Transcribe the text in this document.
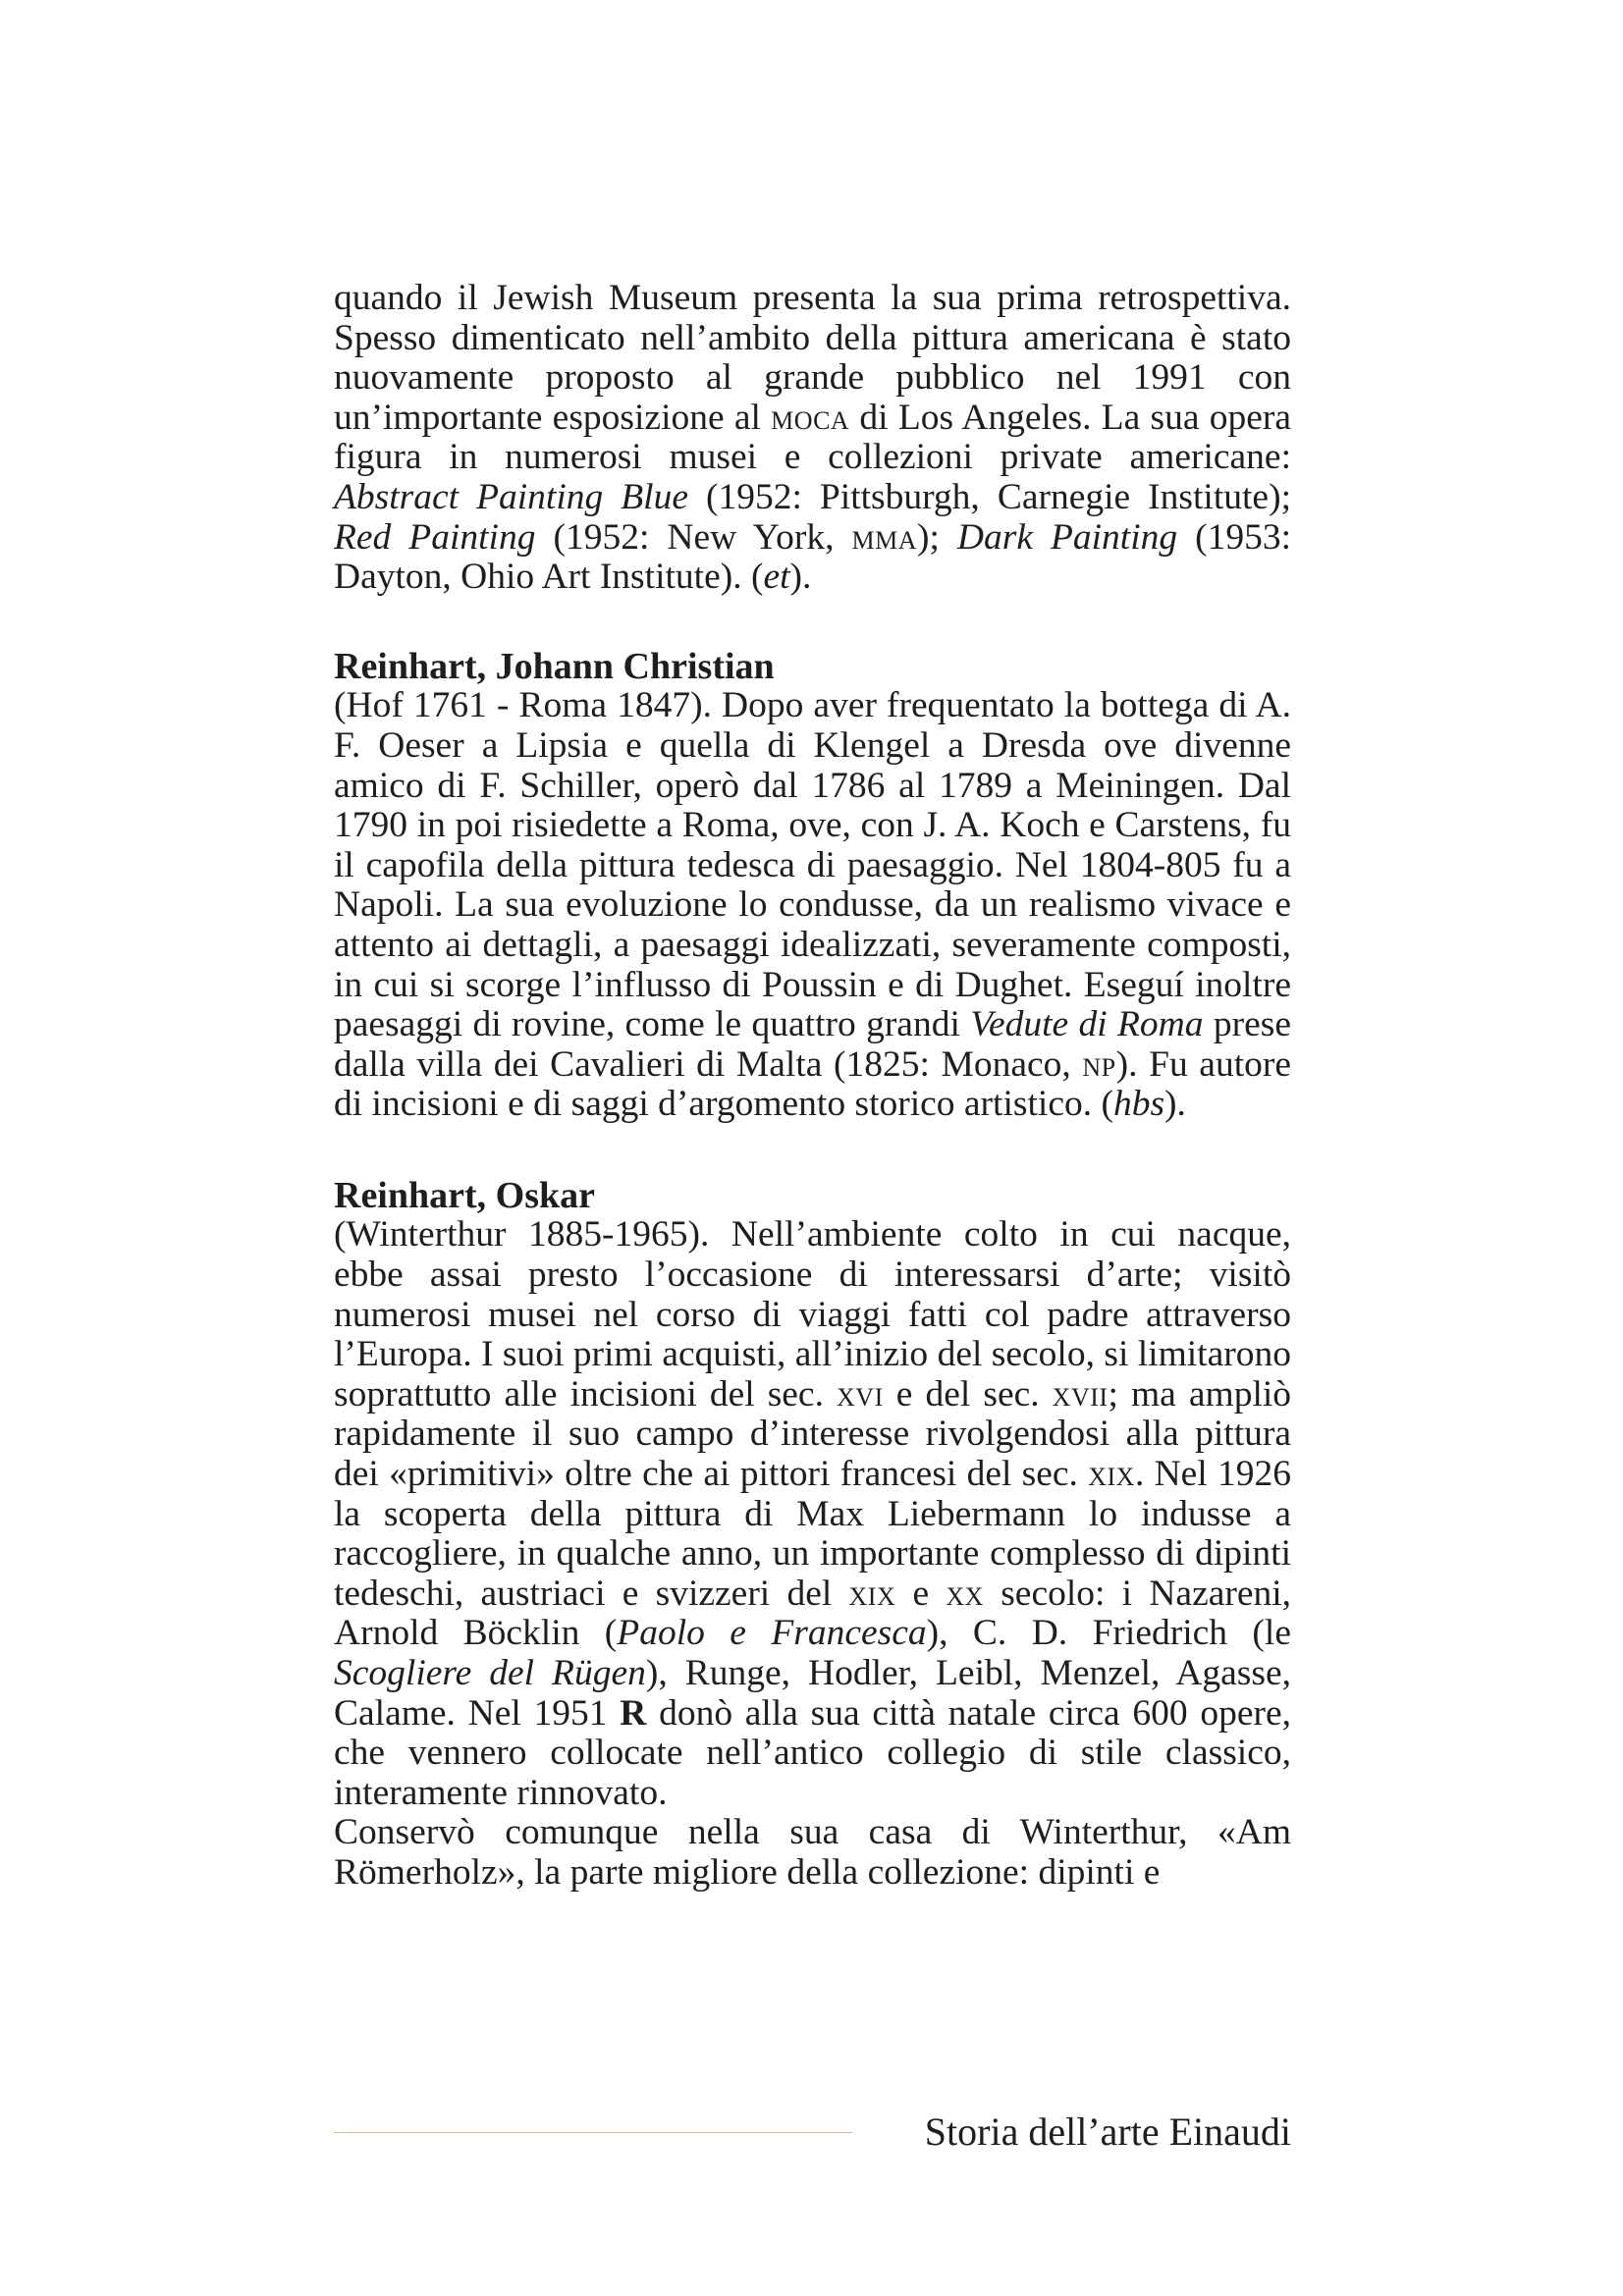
quando il Jewish Museum presenta la sua prima retrospettiva. Spesso dimenticato nell’ambito della pittura americana è stato nuovamente proposto al grande pubblico nel 1991 con un’importante esposizione al moca di Los Angeles. La sua opera figura in numerosi musei e collezioni private americane: Abstract Painting Blue (1952: Pittsburgh, Carnegie Institute); Red Painting (1952: New York, mma); Dark Painting (1953: Dayton, Ohio Art Institute). (et).

Reinhart, Johann Christian

(Hof 1761 - Roma 1847). Dopo aver frequentato la bottega di A. F. Oeser a Lipsia e quella di Klengel a Dresda ove divenne amico di F. Schiller, operò dal 1786 al 1789 a Meiningen. Dal 1790 in poi risiedette a Roma, ove, con J. A. Koch e Carstens, fu il capofila della pittura tedesca di paesaggio. Nel 1804-805 fu a Napoli. La sua evoluzione lo condusse, da un realismo vivace e attento ai dettagli, a paesaggi idealizzati, severamente composti, in cui si scorge l’influsso di Poussin e di Dughet. Eseguí inoltre paesaggi di rovine, come le quattro grandi Vedute di Roma prese dalla villa dei Cavalieri di Malta (1825: Monaco, np). Fu autore di incisioni e di saggi d’argomento storico artistico. (hbs).

Reinhart, Oskar

(Winterthur 1885-1965). Nell’ambiente colto in cui nacque, ebbe assai presto l’occasione di interessarsi d’arte; visitò numerosi musei nel corso di viaggi fatti col padre attraverso l’Europa. I suoi primi acquisti, all’inizio del secolo, si limitarono soprattutto alle incisioni del sec. xvi e del sec. xvii; ma ampliò rapidamente il suo campo d’interesse rivolgendosi alla pittura dei «primitivi» oltre che ai pittori francesi del sec. xix. Nel 1926 la scoperta della pittura di Max Liebermann lo indusse a raccogliere, in qualche anno, un importante complesso di dipinti tedeschi, austriaci e svizzeri del xix e xx secolo: i Nazareni, Arnold Böcklin (Paolo e Francesca), C. D. Friedrich (le Scogliere del Rügen), Runge, Hodler, Leibl, Menzel, Agasse, Calame. Nel 1951 R donò alla sua città natale circa 600 opere, che vennero collocate nell’antico collegio di stile classico, interamente rinnovato.

Conservò comunque nella sua casa di Winterthur, «Am Römerholz», la parte migliore della collezione: dipinti e

Storia dell’arte Einaudi
